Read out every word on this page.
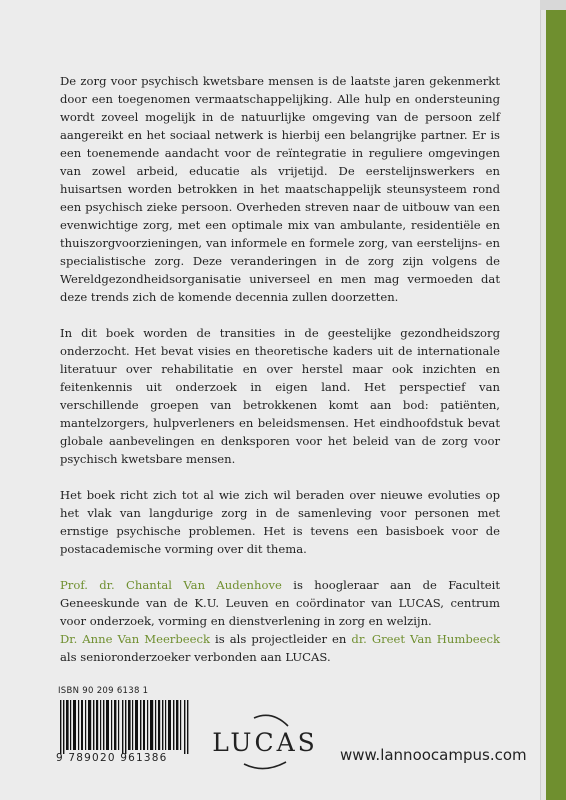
De zorg voor psychisch kwetsbare mensen is de laatste jaren gekenmerkt door een toegenomen vermaatschappelijking. Alle hulp en ondersteuning wordt zoveel mogelijk in de natuurlijke omgeving van de persoon zelf aangereikt en het sociaal netwerk is hierbij een belangrijke partner. Er is een toenemende aandacht voor de reïntegratie in reguliere omgevingen van zowel arbeid, educatie als vrijetijd. De eerstelijnswerkers en huisartsen worden betrokken in het maatschappelijk steunsysteem rond een psychisch zieke persoon. Overheden streven naar de uitbouw van een evenwichtige zorg, met een optimale mix van ambulante, residentiële en thuiszorgvoorzieningen, van informele en formele zorg, van eerstelijns- en specialistische zorg. Deze veranderingen in de zorg zijn volgens de Wereldgezondheidsorganisatie universeel en men mag vermoeden dat deze trends zich de komende decennia zullen doorzetten.

In dit boek worden de transities in de geestelijke gezondheidszorg onderzocht. Het bevat visies en theoretische kaders uit de internationale literatuur over rehabilitatie en over herstel maar ook inzichten en feitenkennis uit onderzoek in eigen land. Het perspectief van verschillende groepen van betrokkenen komt aan bod: patiënten, mantelzorgers, hulpverleners en beleidsmensen. Het eindhoofdstuk bevat globale aanbevelingen en denksporen voor het beleid van de zorg voor psychisch kwetsbare mensen.

Het boek richt zich tot al wie zich wil beraden over nieuwe evoluties op het vlak van langdurige zorg in de samenleving voor personen met ernstige psychische problemen. Het is tevens een basisboek voor de postacademische vorming over dit thema.

Prof. dr. Chantal Van Audenhove is hoogleraar aan de Faculteit Geneeskunde van de K.U. Leuven en coördinator van LUCAS, centrum voor onderzoek, vorming en dienstverlening in zorg en welzijn.

Dr. Anne Van Meerbeeck is als projectleider en dr. Greet Van Humbeeck als senioronderzoeker verbonden aan LUCAS.

ISBN 90 209 6138 1
9 789020 961386
LUCAS www.lannoocampus.com
